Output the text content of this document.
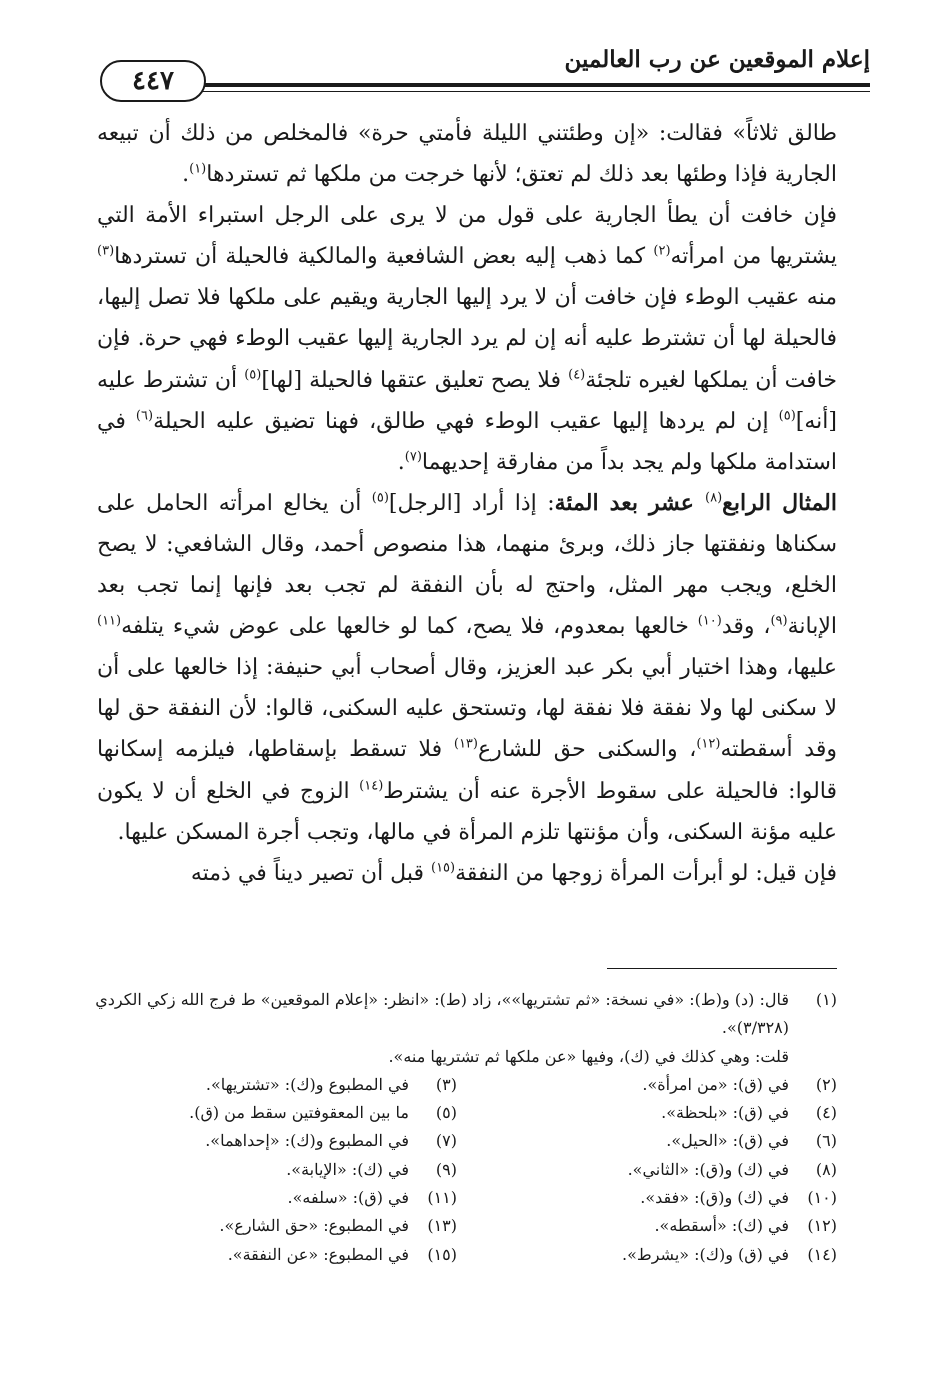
إعلام الموقعين عن رب العالمين
٤٤٧

طالق ثلاثاً» فقالت: «إن وطئتني الليلة فأمتي حرة» فالمخلص من ذلك أن تبيعه الجارية فإذا وطئها بعد ذلك لم تعتق؛ لأنها خرجت من ملكها ثم تستردها$^{(١)}$.

فإن خافت أن يطأ الجارية على قول من لا يرى على الرجل استبراء الأمة التي يشتريها من امرأته$^{(٢)}$ كما ذهب إليه بعض الشافعية والمالكية فالحيلة أن تستردها$^{(٣)}$ منه عقيب الوطء فإن خافت أن لا يرد إليها الجارية ويقيم على ملكها فلا تصل إليها، فالحيلة لها أن تشترط عليه أنه إن لم يرد الجارية إليها عقيب الوطء فهي حرة. فإن خافت أن يملكها لغيره تلجئة$^{(٤)}$ فلا يصح تعليق عتقها فالحيلة [لها]$^{(٥)}$ أن تشترط عليه [أنه]$^{(٥)}$ إن لم يردها إليها عقيب الوطء فهي طالق، فهنا تضيق عليه الحيلة$^{(٦)}$ في استدامة ملكها ولم يجد بداً من مفارقة إحديهما$^{(٧)}$.

المثال الرابع$^{(٨)}$ عشر بعد المئة: إذا أراد [الرجل]$^{(٥)}$ أن يخالع امرأته الحامل على سكناها ونفقتها جاز ذلك، وبرئ منهما، هذا منصوص أحمد، وقال الشافعي: لا يصح الخلع، ويجب مهر المثل، واحتج له بأن النفقة لم تجب بعد فإنها إنما تجب بعد الإبانة$^{(٩)}$، وقد$^{(١٠)}$ خالعها بمعدوم، فلا يصح، كما لو خالعها على عوض شيء يتلفه$^{(١١)}$ عليها، وهذا اختيار أبي بكر عبد العزيز، وقال أصحاب أبي حنيفة: إذا خالعها على أن لا سكنى لها ولا نفقة فلا نفقة لها، وتستحق عليه السكنى، قالوا: لأن النفقة حق لها وقد أسقطته$^{(١٢)}$، والسكنى حق للشارع$^{(١٣)}$ فلا تسقط بإسقاطها، فيلزمه إسكانها قالوا: فالحيلة على سقوط الأجرة عنه أن يشترط$^{(١٤)}$ الزوج في الخلع أن لا يكون عليه مؤنة السكنى، وأن مؤنتها تلزم المرأة في مالها، وتجب أجرة المسكن عليها.

فإن قيل: لو أبرأت المرأة زوجها من النفقة$^{(١٥)}$ قبل أن تصير ديناً في ذمته

(١)
قال: (د) و(ط): «في نسخة: «ثم تشتريها»»، زاد (ط): «انظر: «إعلام الموقعين» ط فرج الله زكي الكردي (٣/٣٢٨)».
قلت: وهي كذلك في (ك)، وفيها «عن ملكها ثم تشتريها منه».
(٢)
في (ق): «من امرأة».
(٣)
في المطبوع و(ك): «تشتريها».
(٤)
في (ق): «بلحظة».
(٥)
ما بين المعقوفتين سقط من (ق).
(٦)
في (ق): «الحيل».
(٧)
في المطبوع و(ك): «إحداهما».
(٨)
في (ك) و(ق): «الثاني».
(٩)
في (ك): «الإيابة».
(١٠)
في (ك) و(ق): «فقد».
(١١)
في (ق): «سلفه».
(١٢)
في (ك): «أسقطه».
(١٣)
في المطبوع: «حق الشارع».
(١٤)
في (ق) و(ك): «يشرط».
(١٥)
في المطبوع: «عن النفقة».
